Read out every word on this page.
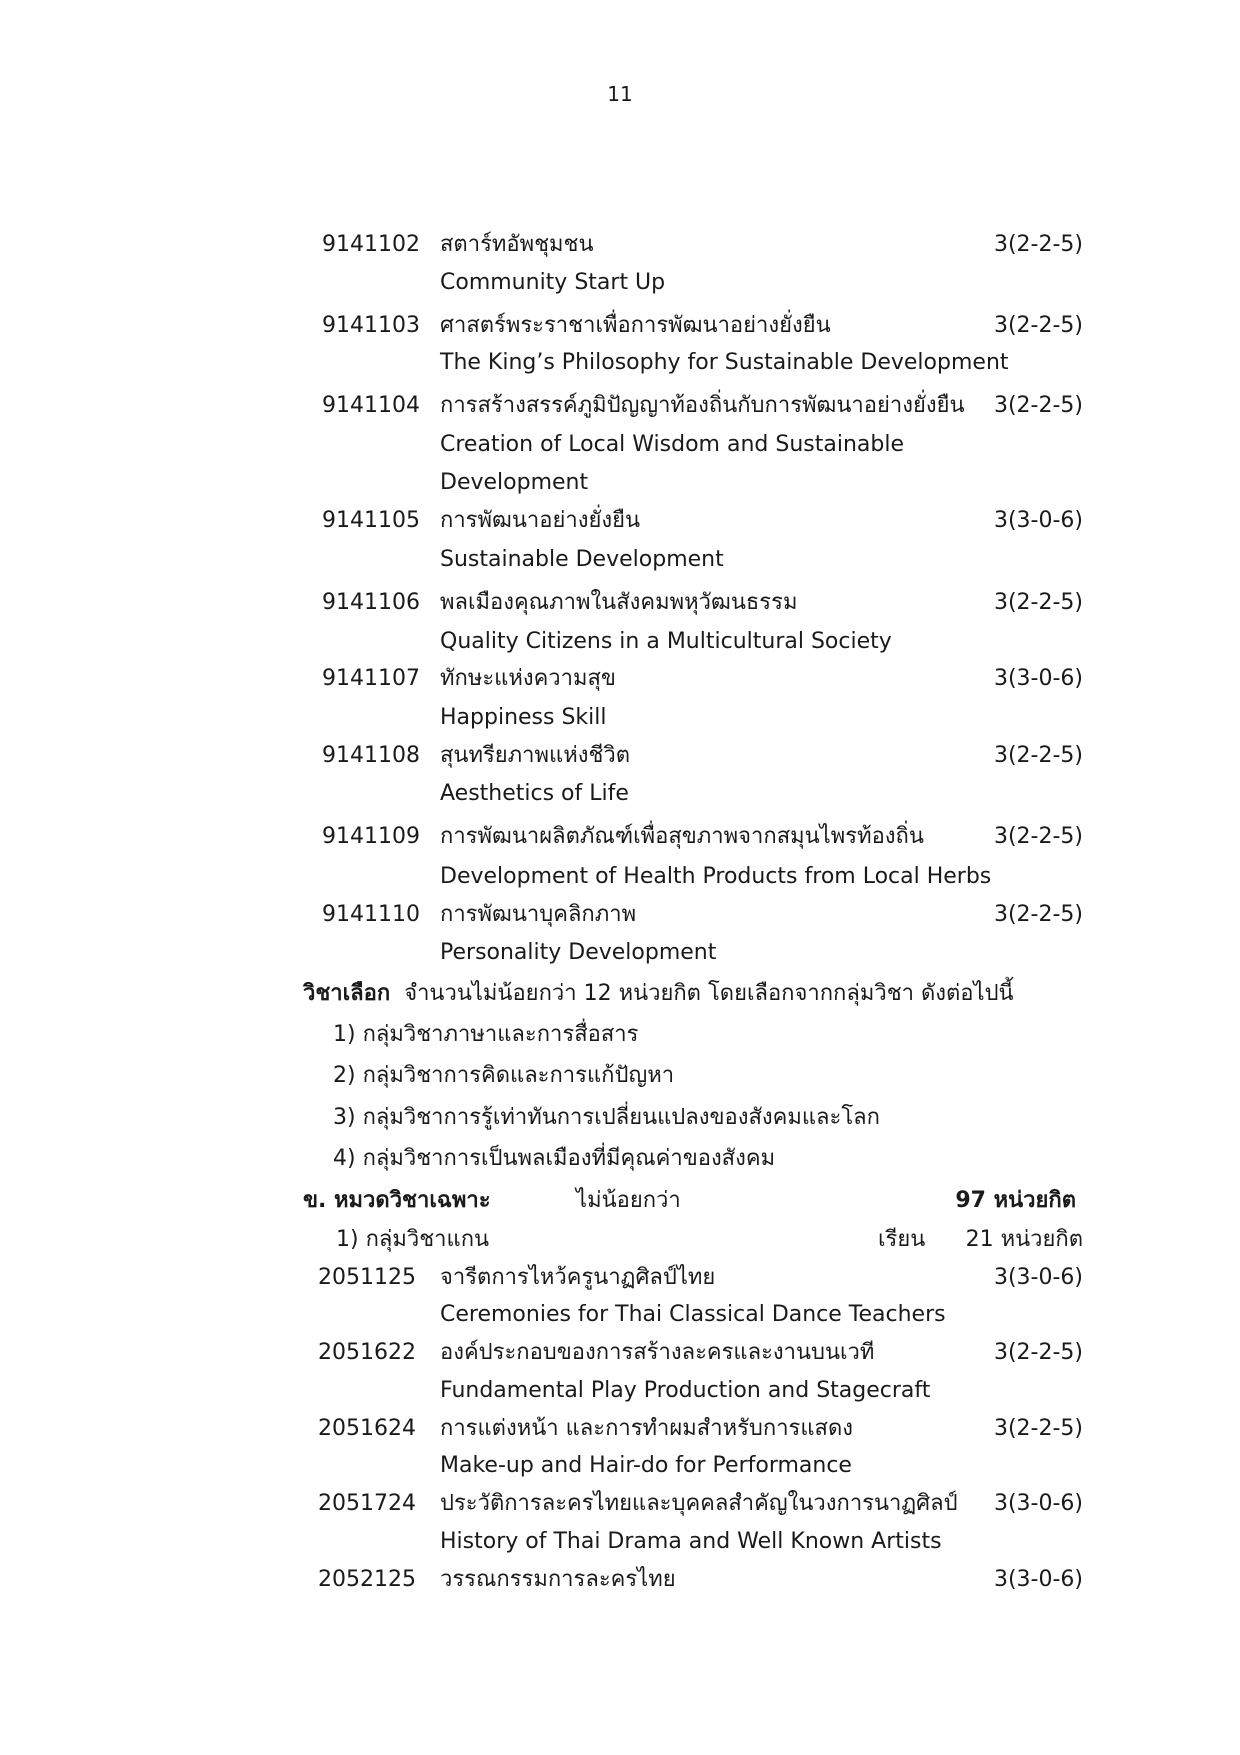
11
9141102 สตาร์ทอัพชุมชน	3(2-2-5)
Community Start Up
9141103 ศาสตร์พระราชาเพื่อการพัฒนาอย่างยั่งยืน	3(2-2-5)
The King’s Philosophy for Sustainable Development
9141104 การสร้างสรรค์ภูมิปัญญาท้องถิ่นกับการพัฒนาอย่างยั่งยืน 3(2-2-5)
Creation of Local Wisdom and Sustainable
Development
9141105 การพัฒนาอย่างยั่งยืน	3(3-0-6)
Sustainable Development
9141106 พลเมืองคุณภาพในสังคมพหุวัฒนธรรม	3(2-2-5)
Quality Citizens in a Multicultural Society
9141107 ทักษะแห่งความสุข	3(3-0-6)
Happiness Skill
9141108 สุนทรียภาพแห่งชีวิต	3(2-2-5)
Aesthetics of Life
9141109 การพัฒนาผลิตภัณฑ์เพื่อสุขภาพจากสมุนไพรท้องถิ่น	3(2-2-5)
Development of Health Products from Local Herbs
9141110 การพัฒนาบุคลิกภาพ	3(2-2-5)
Personality Development
วิชาเลือก จำนวนไม่น้อยกว่า 12 หน่วยกิต โดยเลือกจากกลุ่มวิชา ดังต่อไปนี้
1) กลุ่มวิชาภาษาและการสื่อสาร
2) กลุ่มวิชาการคิดและการแก้ปัญหา
3) กลุ่มวิชาการรู้เท่าทันการเปลี่ยนแปลงของสังคมและโลก
4) กลุ่มวิชาการเป็นพลเมืองที่มีคุณค่าของสังคม
ข. หมวดวิชาเฉพาะ	ไม่น้อยกว่า	97 หน่วยกิต
1) กลุ่มวิชาแกน	เรียน 21 หน่วยกิต
2051125 จารีตการไหว้ครูนาฏศิลป์ไทย	3(3-0-6)
Ceremonies for Thai Classical Dance Teachers
2051622 องค์ประกอบของการสร้างละครและงานบนเวที	3(2-2-5)
Fundamental Play Production and Stagecraft
2051624 การแต่งหน้า และการทำผมสำหรับการแสดง	3(2-2-5)
Make-up and Hair-do for Performance
2051724 ประวัติการละครไทยและบุคคลสำคัญในวงการนาฏศิลป์ 3(3-0-6)
History of Thai Drama and Well Known Artists
2052125 วรรณกรรมการละครไทย	3(3-0-6)
